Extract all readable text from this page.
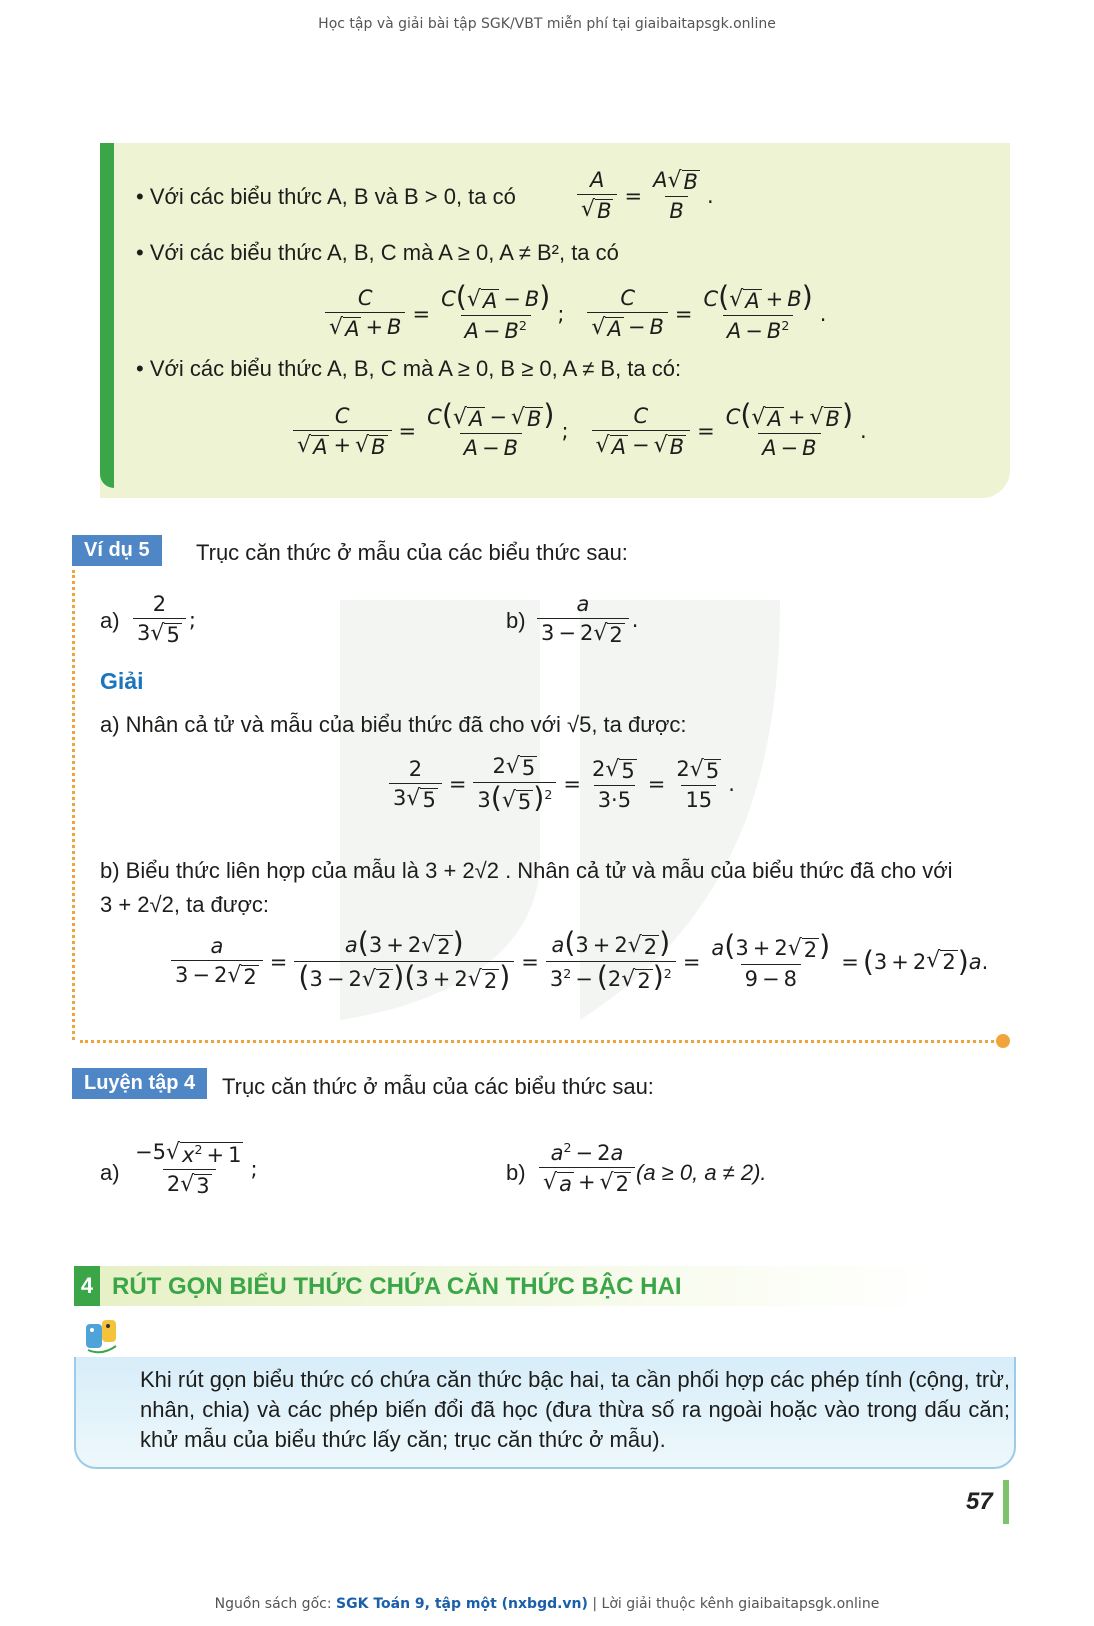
Học tập và giải bài tập SGK/VBT miễn phí tại giaibaitapsgk.online
• Với các biểu thức A, B và B > 0, ta có	$\frac{A}{√ B} = \frac{A √ B}{B}$ .
• Với các biểu thức A, B, C mà A ≥ 0, A ≠ B², ta có
$\frac{C}{√ A + B} = \frac{C( √ A - B)}{A - B^2}$ ; $\frac{C}{√ A - B} = \frac{C( √ A + B)}{A - B^2}$ .
• Với các biểu thức A, B, C mà A ≥ 0, B ≥ 0, A ≠ B, ta có:
$\frac{C}{√ A + √ B} = \frac{C( √ A - √ B )}{A - B}$ ; $\frac{C}{√ A - √ B} = \frac{C( √ A + √ B )}{A - B}$ .
Ví dụ 5	Trục căn thức ở mẫu của các biểu thức sau:
a)
2
3 √ 5
;	b)
a
3 − 2 √ 2
.
Giải
a) Nhân cả tử và mẫu của biểu thức đã cho với √5, ta được:
$\frac{2}{3 √ 5} = \frac{2 √ 5}{3( √ 5 )^2} = \frac{2 √ 5}{3\cdot 5} = \frac{2 √ 5}{15}$ .
b) Biểu thức liên hợp của mẫu là 3 + 2√2 . Nhân cả tử và mẫu của biểu thức đã cho với
3 + 2√2, ta được:
$\frac{a}{3 - 2 √ 2} = \frac{a(3 + 2 √ 2 )}{(3 - 2 √ 2 )(3 + 2 √ 2 )} = \frac{a(3 + 2 √ 2 )}{3^2 - (2 √ 2 )^2} = \frac{a(3 + 2 √ 2 )}{9 - 8}$ = ( 3 + 2 √ 2 ) a .
Luyện tập 4	Trục căn thức ở mẫu của các biểu thức sau:
a)
−5 √ $x^2 + 1$
2 √ 3
;	b)
$a^2 - 2a$
√ a + √ 2 (a ≥ 0, a ≠ 2).
4 RÚT GỌN BIỂU THỨC CHỨA CĂN THỨC BẬC HAI
Khi rút gọn biểu thức có chứa căn thức bậc hai, ta cần phối hợp các phép tính (cộng, trừ, nhân, chia) và các phép biến đổi đã học (đưa thừa số ra ngoài hoặc vào trong dấu căn; khử mẫu của biểu thức lấy căn; trục căn thức ở mẫu).
57
Nguồn sách gốc: SGK Toán 9, tập một (nxbgd.vn) | Lời giải thuộc kênh giaibaitapsgk.online
